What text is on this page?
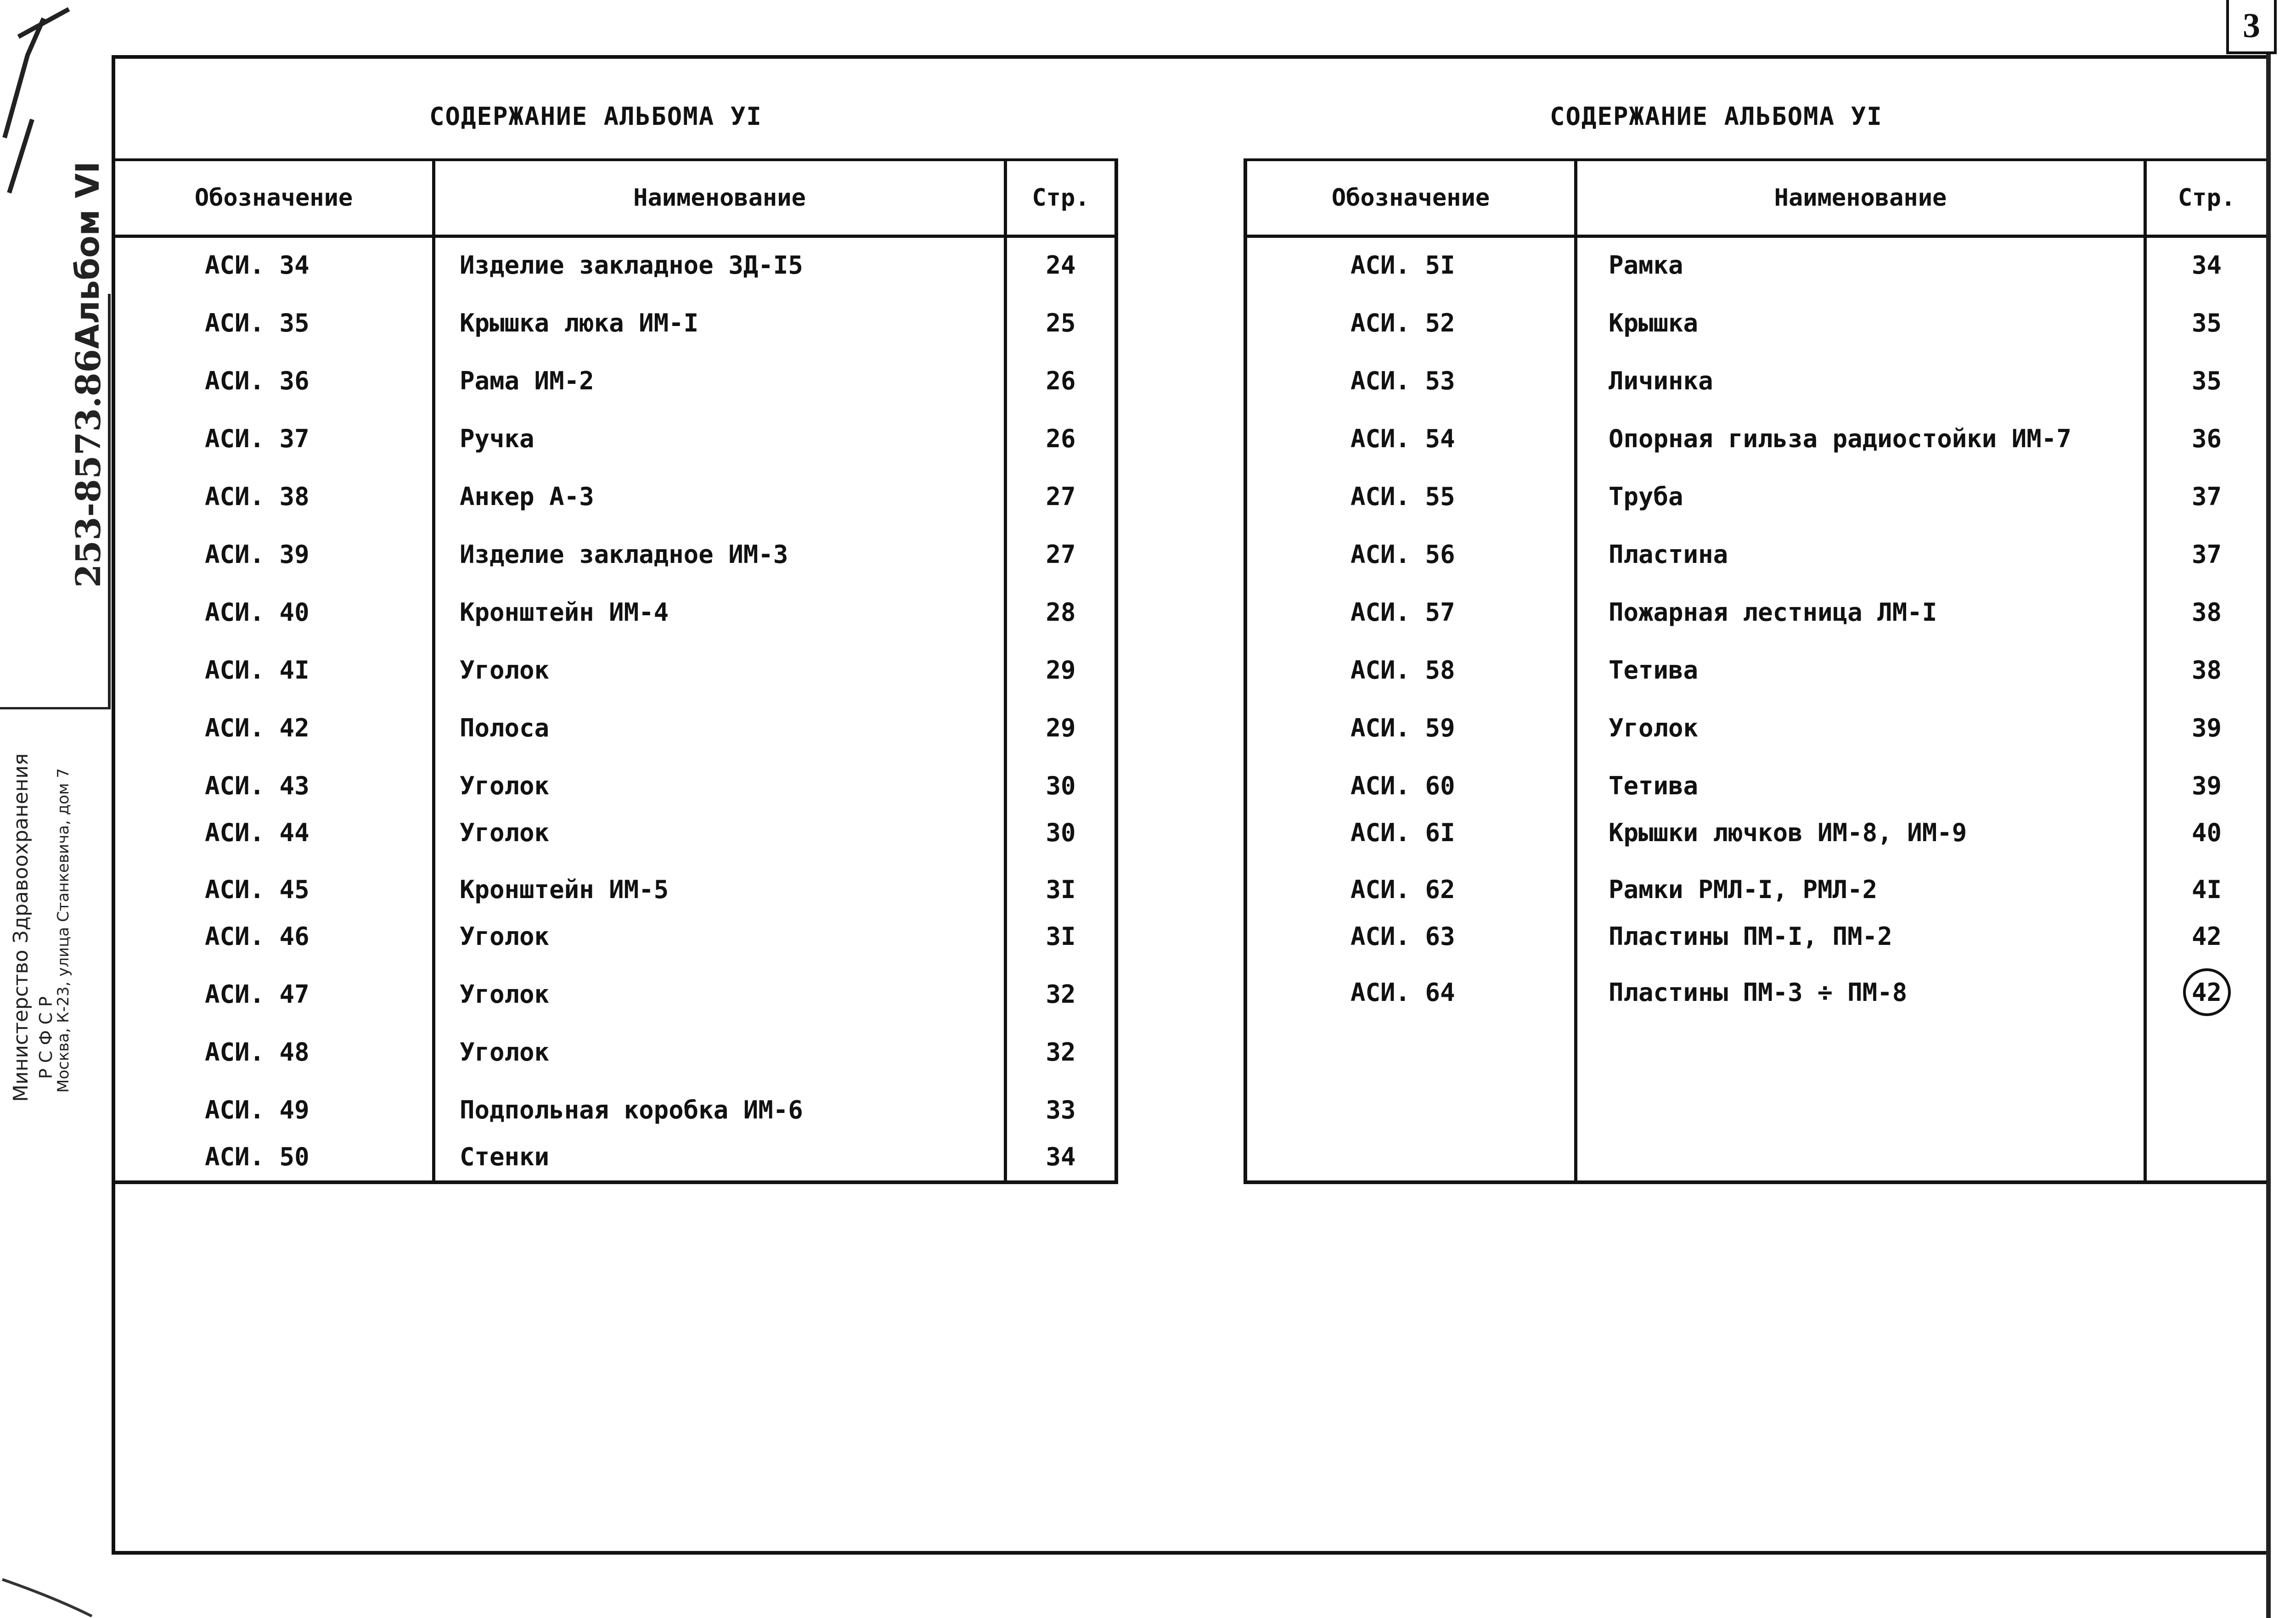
Министерство Здравоохранения Р С Ф С Р
Москва, К-23, улица Станкевича, дом 7
253-8573.86
Альбом VI
3
СОДЕРЖАНИЕ АЛЬБОМА УI
Обозначение	Наименование	Стр.
АСИ. 34	Изделие закладное ЗД-I5	24
АСИ. 35	Крышка люка ИМ-I	25
АСИ. 36	Рама ИМ-2	26
АСИ. 37	Ручка	26
АСИ. 38	Анкер А-3	27
АСИ. 39	Изделие закладное ИМ-3	27
АСИ. 40	Кронштейн ИМ-4	28
АСИ. 4I	Уголок	29
АСИ. 42	Полоса	29
АСИ. 43	Уголок	30
АСИ. 44	Уголок	30
АСИ. 45	Кронштейн ИМ-5	3I
АСИ. 46	Уголок	3I
АСИ. 47	Уголок	32
АСИ. 48	Уголок	32
АСИ. 49	Подпольная коробка ИМ-6	33
АСИ. 50	Стенки	34
СОДЕРЖАНИЕ АЛЬБОМА УI
Обозначение	Наименование	Стр.
АСИ. 5I	Рамка	34
АСИ. 52	Крышка	35
АСИ. 53	Личинка	35
АСИ. 54	Опорная гильза радиостойки ИМ-7	36
АСИ. 55	Труба	37
АСИ. 56	Пластина	37
АСИ. 57	Пожарная лестница ЛМ-I	38
АСИ. 58	Тетива	38
АСИ. 59	Уголок	39
АСИ. 60	Тетива	39
АСИ. 6I	Крышки лючков ИМ-8, ИМ-9	40
АСИ. 62	Рамки РМЛ-I, РМЛ-2	4I
АСИ. 63	Пластины ПМ-I, ПМ-2	42
АСИ. 64	Пластины ПМ-3 ÷ ПМ-8	42
